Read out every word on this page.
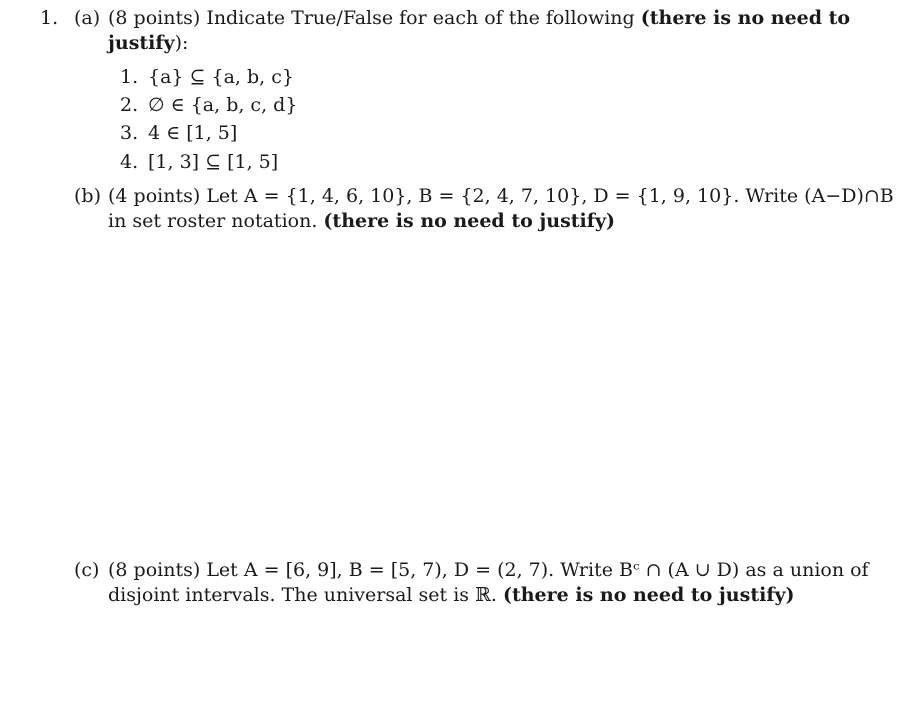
1. (a) (8 points) Indicate True/False for each of the following (there is no need to
justify):
1. {a} ⊆ {a, b, c}
2. ∅ ∈ {a, b, c, d}
3. 4 ∈ [1, 5]
4. [1, 3] ⊆ [1, 5]
(b) (4 points) Let A = {1, 4, 6, 10}, B = {2, 4, 7, 10}, D = {1, 9, 10}. Write (A−D)∩B
in set roster notation. (there is no need to justify)
(c) (8 points) Let A = [6, 9], B = [5, 7), D = (2, 7). Write Bᶜ ∩ (A ∪ D) as a union of
disjoint intervals. The universal set is ℝ. (there is no need to justify)
